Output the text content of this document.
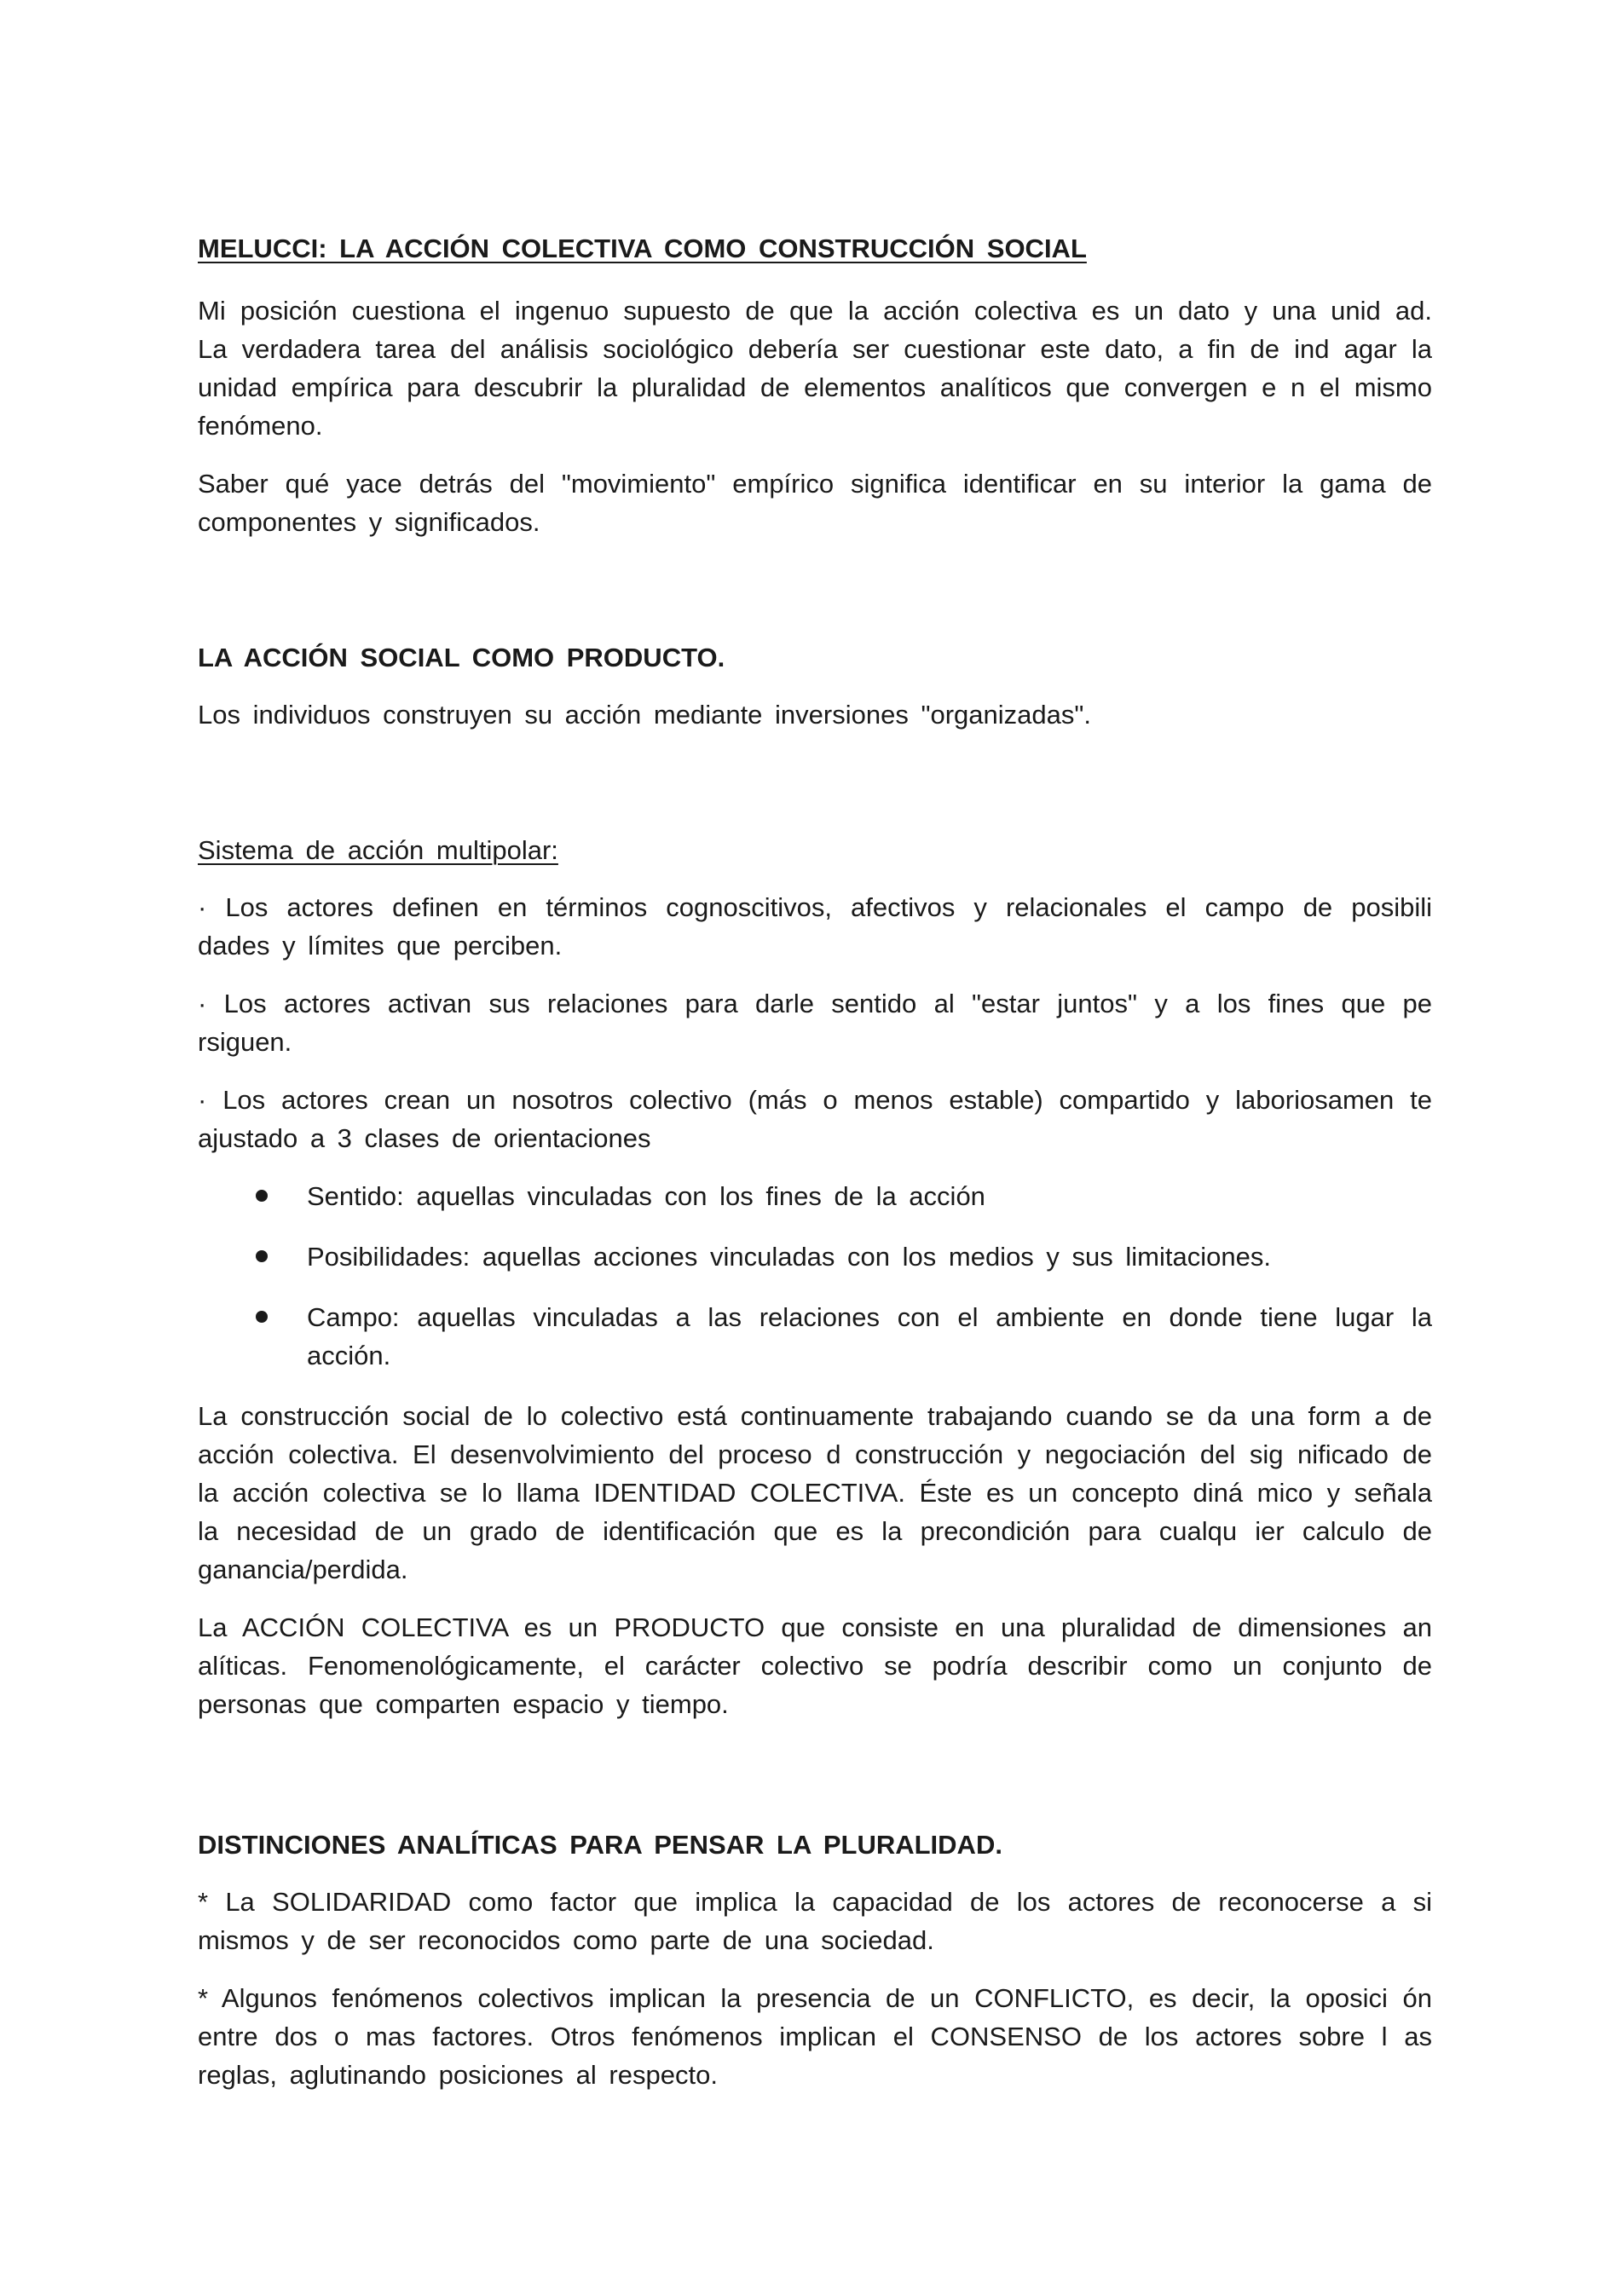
MELUCCI: LA ACCIÓN COLECTIVA COMO CONSTRUCCIÓN SOCIAL

Mi posición cuestiona el ingenuo supuesto de que la acción colectiva es un dato y una unid ad. La verdadera tarea del análisis sociológico debería ser cuestionar este dato, a fin de ind agar la unidad empírica para descubrir la pluralidad de elementos analíticos que convergen e n el mismo fenómeno.

Saber qué yace detrás del "movimiento" empírico significa identificar en su interior la gama de componentes y significados.

LA ACCIÓN SOCIAL COMO PRODUCTO.

Los individuos construyen su acción mediante inversiones "organizadas".

Sistema de acción multipolar:

· Los actores definen en términos cognoscitivos, afectivos y relacionales el campo de posibili dades y límites que perciben.

· Los actores activan sus relaciones para darle sentido al "estar juntos" y a los fines que pe rsiguen.

· Los actores crean un nosotros colectivo (más o menos estable) compartido y laboriosamen te ajustado a 3 clases de orientaciones

Sentido: aquellas vinculadas con los fines de la acción
Posibilidades: aquellas acciones vinculadas con los medios y sus limitaciones.
Campo: aquellas vinculadas a las relaciones con el ambiente en donde tiene lugar la acción.

La construcción social de lo colectivo está continuamente trabajando cuando se da una form a de acción colectiva. El desenvolvimiento del proceso d construcción y negociación del sig nificado de la acción colectiva se lo llama IDENTIDAD COLECTIVA. Éste es un concepto diná mico y señala la necesidad de un grado de identificación que es la precondición para cualqu ier calculo de ganancia/perdida.

La ACCIÓN COLECTIVA es un PRODUCTO que consiste en una pluralidad de dimensiones an alíticas. Fenomenológicamente, el carácter colectivo se podría describir como un conjunto de personas que comparten espacio y tiempo.

DISTINCIONES ANALÍTICAS PARA PENSAR LA PLURALIDAD.

* La SOLIDARIDAD como factor que implica la capacidad de los actores de reconocerse a si mismos y de ser reconocidos como parte de una sociedad.

* Algunos fenómenos colectivos implican la presencia de un CONFLICTO, es decir, la oposici ón entre dos o mas factores. Otros fenómenos implican el CONSENSO de los actores sobre l as reglas, aglutinando posiciones al respecto.
